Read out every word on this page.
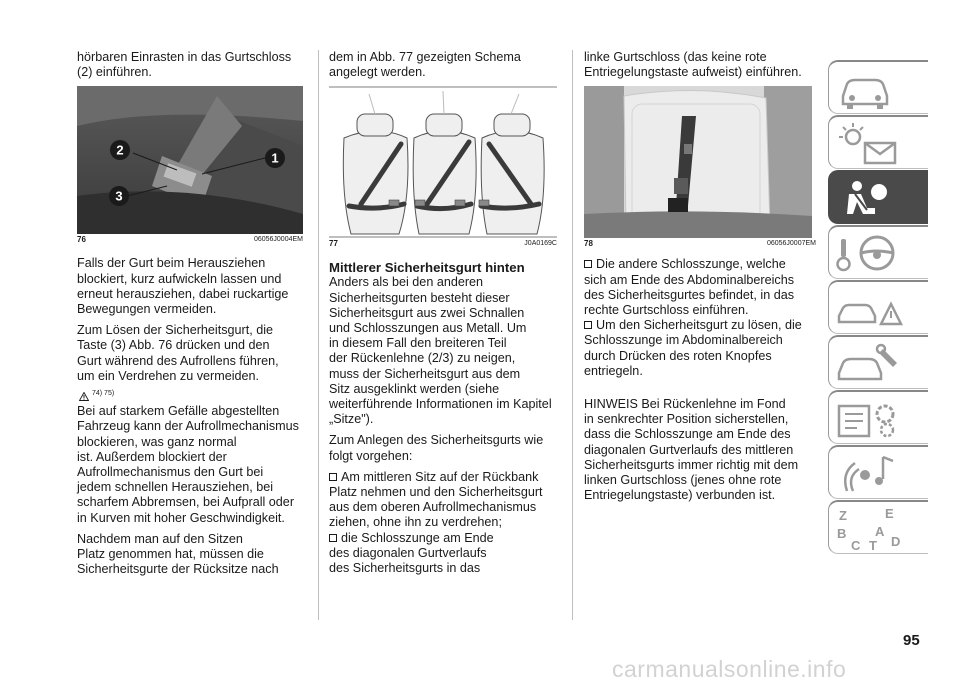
hörbaren Einrasten in das Gurtschloss
(2) einführen.
2
1
3
76	06056J0004EM
Falls der Gurt beim Herausziehen
blockiert, kurz aufwickeln lassen und
erneut herausziehen, dabei ruckartige
Bewegungen vermeiden.
Zum Lösen der Sicherheitsgurt, die
Taste (3) Abb. 76 drücken und den
Gurt während des Aufrollens führen,
um ein Verdrehen zu vermeiden.
74) 75)
Bei auf starkem Gefälle abgestellten
Fahrzeug kann der Aufrollmechanismus
blockieren, was ganz normal
ist. Außerdem blockiert der
Aufrollmechanismus den Gurt bei
jedem schnellen Herausziehen, bei
scharfem Abbremsen, bei Aufprall oder
in Kurven mit hoher Geschwindigkeit.
Nachdem man auf den Sitzen
Platz genommen hat, müssen die
Sicherheitsgurte der Rücksitze nach
dem in Abb. 77 gezeigten Schema
angelegt werden.
77	J0A0169C
Mittlerer Sicherheitsgurt hinten
Anders als bei den anderen
Sicherheitsgurten besteht dieser
Sicherheitsgurt aus zwei Schnallen
und Schlosszungen aus Metall. Um
in diesem Fall den breiteren Teil
der Rückenlehne (2/3) zu neigen,
muss der Sicherheitsgurt aus dem
Sitz ausgeklinkt werden (siehe
weiterführende Informationen im Kapitel
„Sitze").
Zum Anlegen des Sicherheitsgurts wie
folgt vorgehen:
Am mittleren Sitz auf der Rückbank
Platz nehmen und den Sicherheitsgurt
aus dem oberen Aufrollmechanismus
ziehen, ohne ihn zu verdrehen;
die Schlosszunge am Ende
des diagonalen Gurtverlaufs
des Sicherheitsgurts in das
linke Gurtschloss (das keine rote
Entriegelungstaste aufweist) einführen.
78	06056J0007EM
Die andere Schlosszunge, welche
sich am Ende des Abdominalbereichs
des Sicherheitsgurtes befindet, in das
rechte Gurtschloss einführen.
Um den Sicherheitsgurt zu lösen, die
Schlosszunge im Abdominalbereich
durch Drücken des roten Knopfes
entriegeln.
HINWEIS Bei Rückenlehne im Fond
in senkrechter Position sicherstellen,
dass die Schlosszunge am Ende des
diagonalen Gurtverlaufs des mittleren
Sicherheitsgurts immer richtig mit dem
linken Gurtschloss (jenes ohne rote
Entriegelungstaste) verbunden ist.
Z	E
B A
C T D
95
carmanualsonline.info
